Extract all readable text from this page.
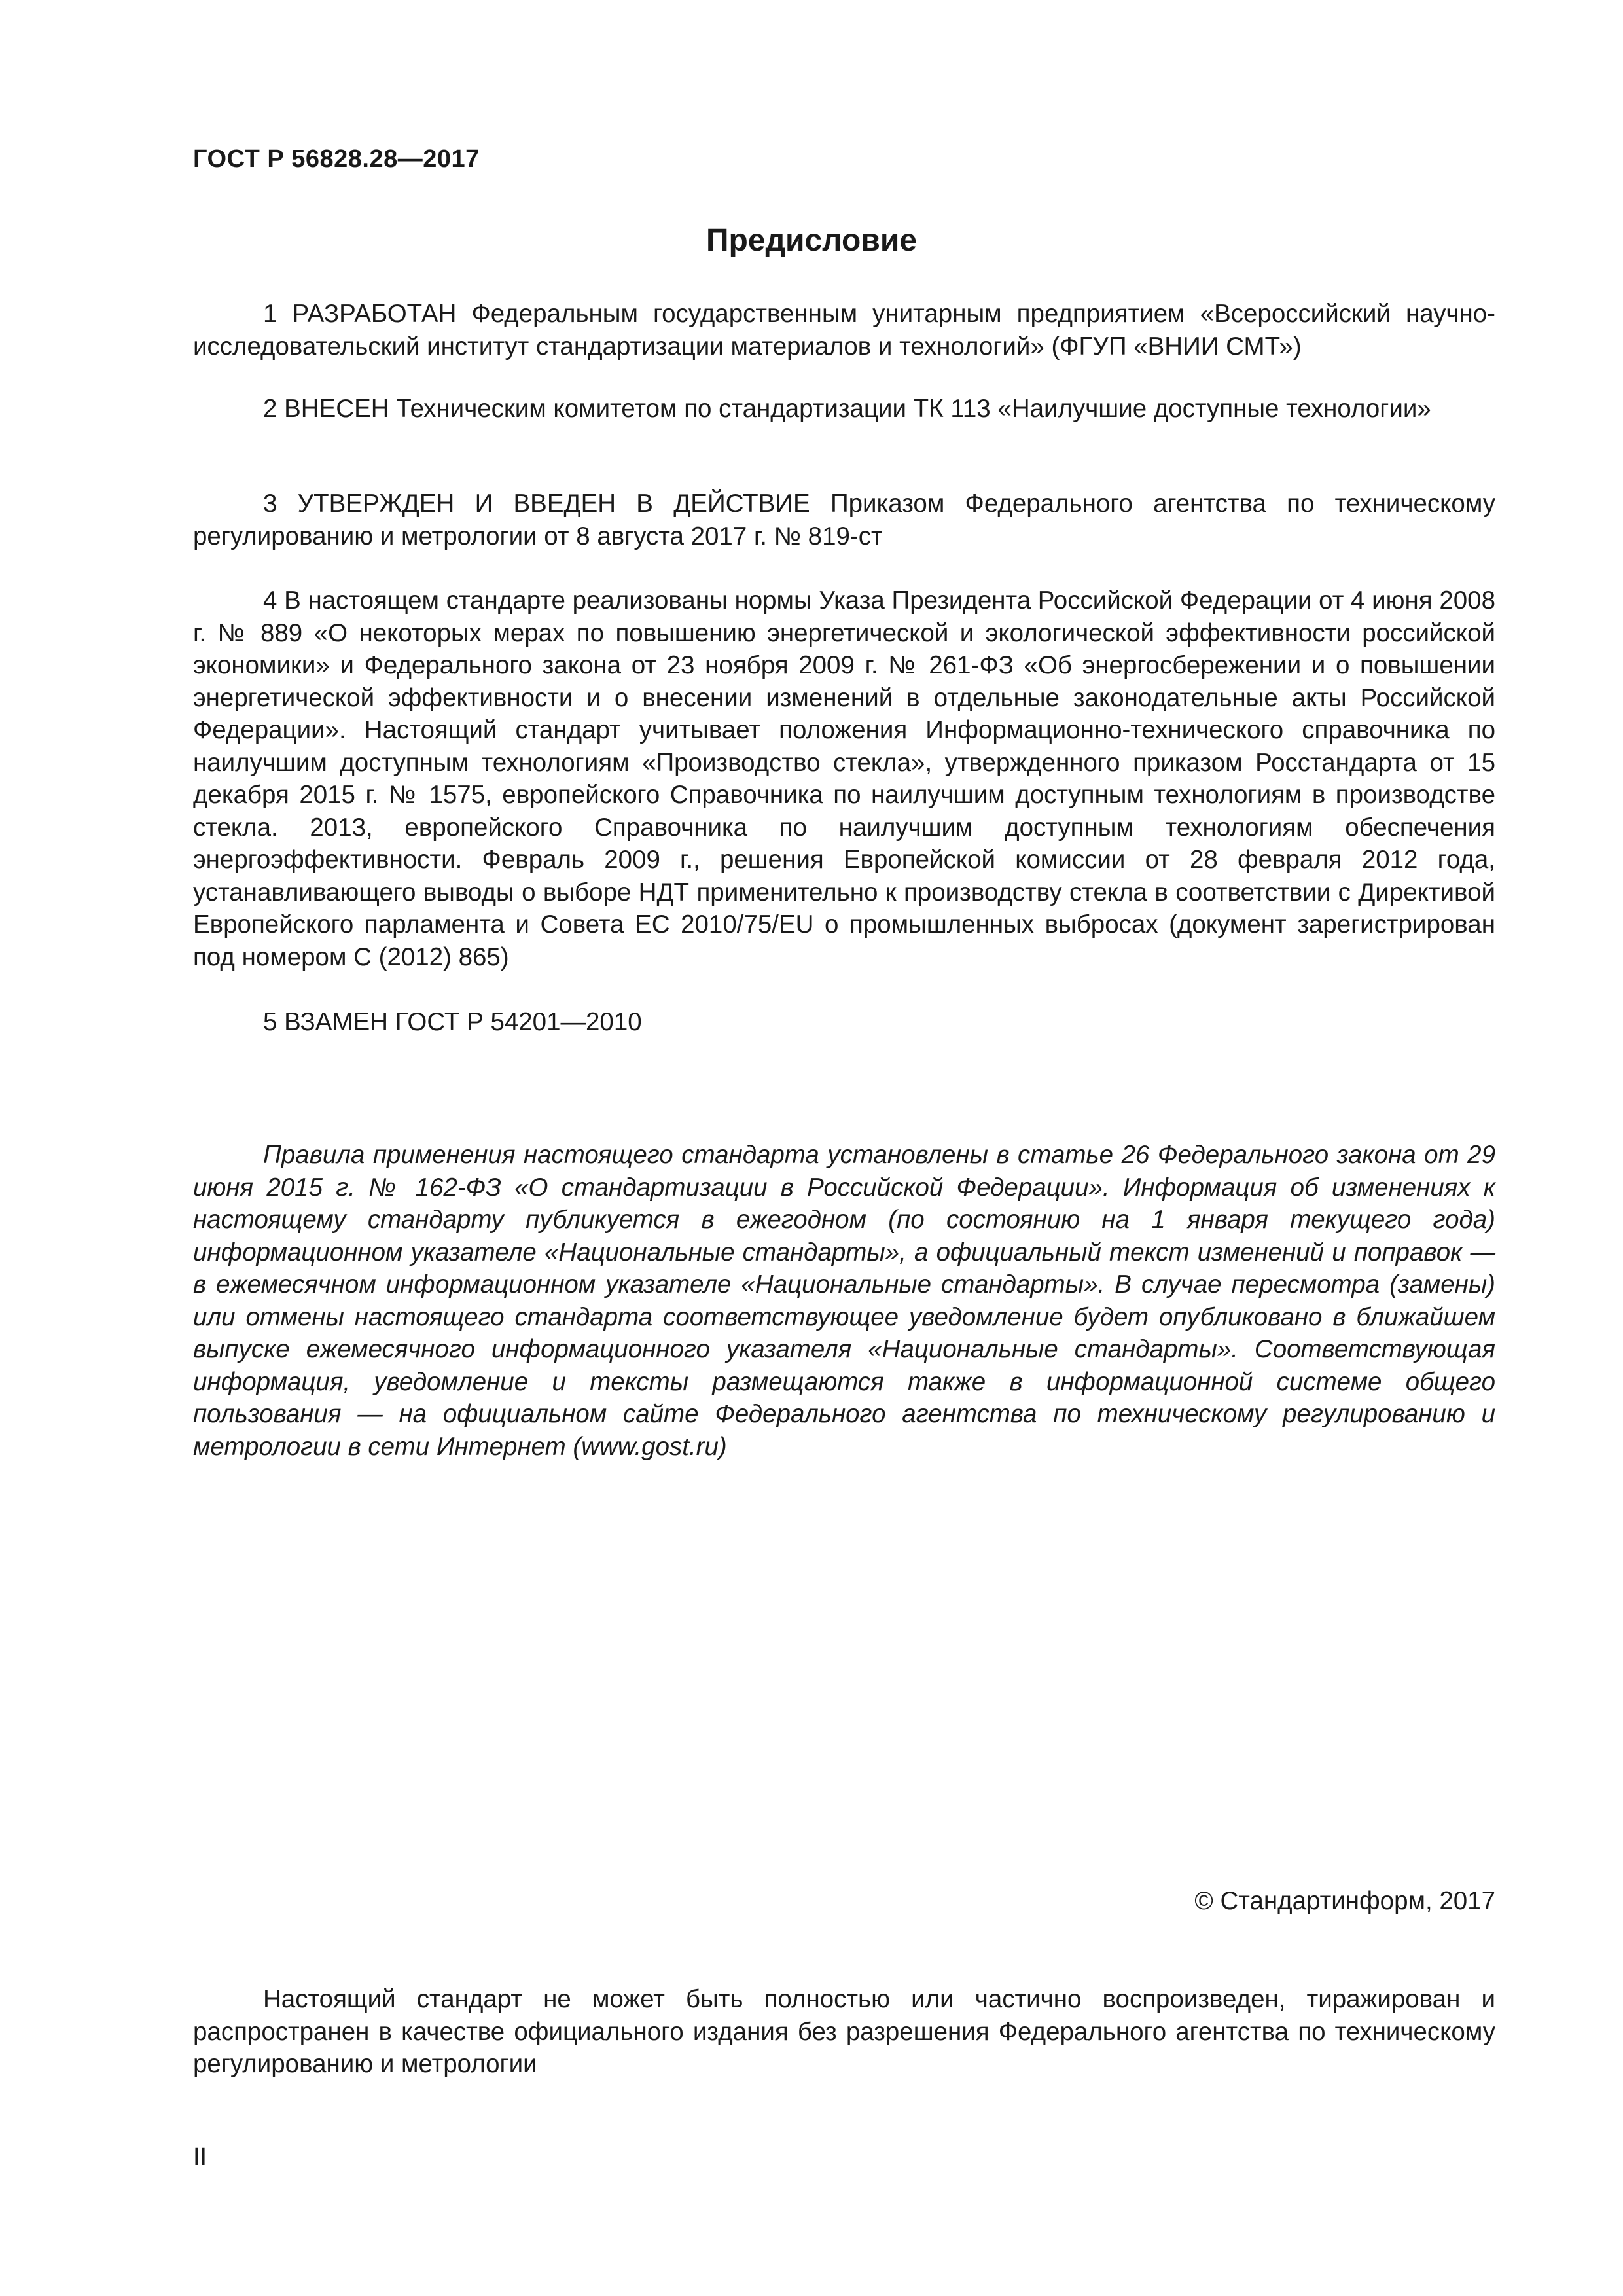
ГОСТ Р 56828.28—2017
Предисловие

1 РАЗРАБОТАН Федеральным государственным унитарным предприятием «Всероссийский научно-исследовательский институт стандартизации материалов и технологий» (ФГУП «ВНИИ СМТ»)

2 ВНЕСЕН Техническим комитетом по стандартизации ТК 113 «Наилучшие доступные технологии»

3 УТВЕРЖДЕН И ВВЕДЕН В ДЕЙСТВИЕ Приказом Федерального агентства по техническому регулированию и метрологии от 8 августа 2017 г. № 819-ст

4 В настоящем стандарте реализованы нормы Указа Президента Российской Федерации от 4 июня 2008 г. № 889 «О некоторых мерах по повышению энергетической и экологической эффективности российской экономики» и Федерального закона от 23 ноября 2009 г. № 261-ФЗ «Об энергосбережении и о повышении энергетической эффективности и о внесении изменений в отдельные законодательные акты Российской Федерации». Настоящий стандарт учитывает положения Информационно-технического справочника по наилучшим доступным технологиям «Производство стекла», утвержденного приказом Росстандарта от 15 декабря 2015 г. № 1575, европейского Справочника по наилучшим доступным технологиям в производстве стекла. 2013, европейского Справочника по наилучшим доступным технологиям обеспечения энергоэффективности. Февраль 2009 г., решения Европейской комиссии от 28 февраля 2012 года, устанавливающего выводы о выборе НДТ применительно к производству стекла в соответствии с Директивой Европейского парламента и Совета ЕС 2010/75/EU о промышленных выбросах (документ зарегистрирован под номером С (2012) 865)

5 ВЗАМЕН ГОСТ Р 54201—2010

Правила применения настоящего стандарта установлены в статье 26 Федерального закона от 29 июня 2015 г. № 162-ФЗ «О стандартизации в Российской Федерации». Информация об изменениях к настоящему стандарту публикуется в ежегодном (по состоянию на 1 января текущего года) информационном указателе «Национальные стандарты», а официальный текст изменений и поправок — в ежемесячном информационном указателе «Национальные стандарты». В случае пересмотра (замены) или отмены настоящего стандарта соответствующее уведомление будет опубликовано в ближайшем выпуске ежемесячного информационного указателя «Национальные стандарты». Соответствующая информация, уведомление и тексты размещаются также в информационной системе общего пользования — на официальном сайте Федерального агентства по техническому регулированию и метрологии в сети Интернет (www.gost.ru)

© Стандартинформ, 2017

Настоящий стандарт не может быть полностью или частично воспроизведен, тиражирован и распространен в качестве официального издания без разрешения Федерального агентства по техническому регулированию и метрологии

II
